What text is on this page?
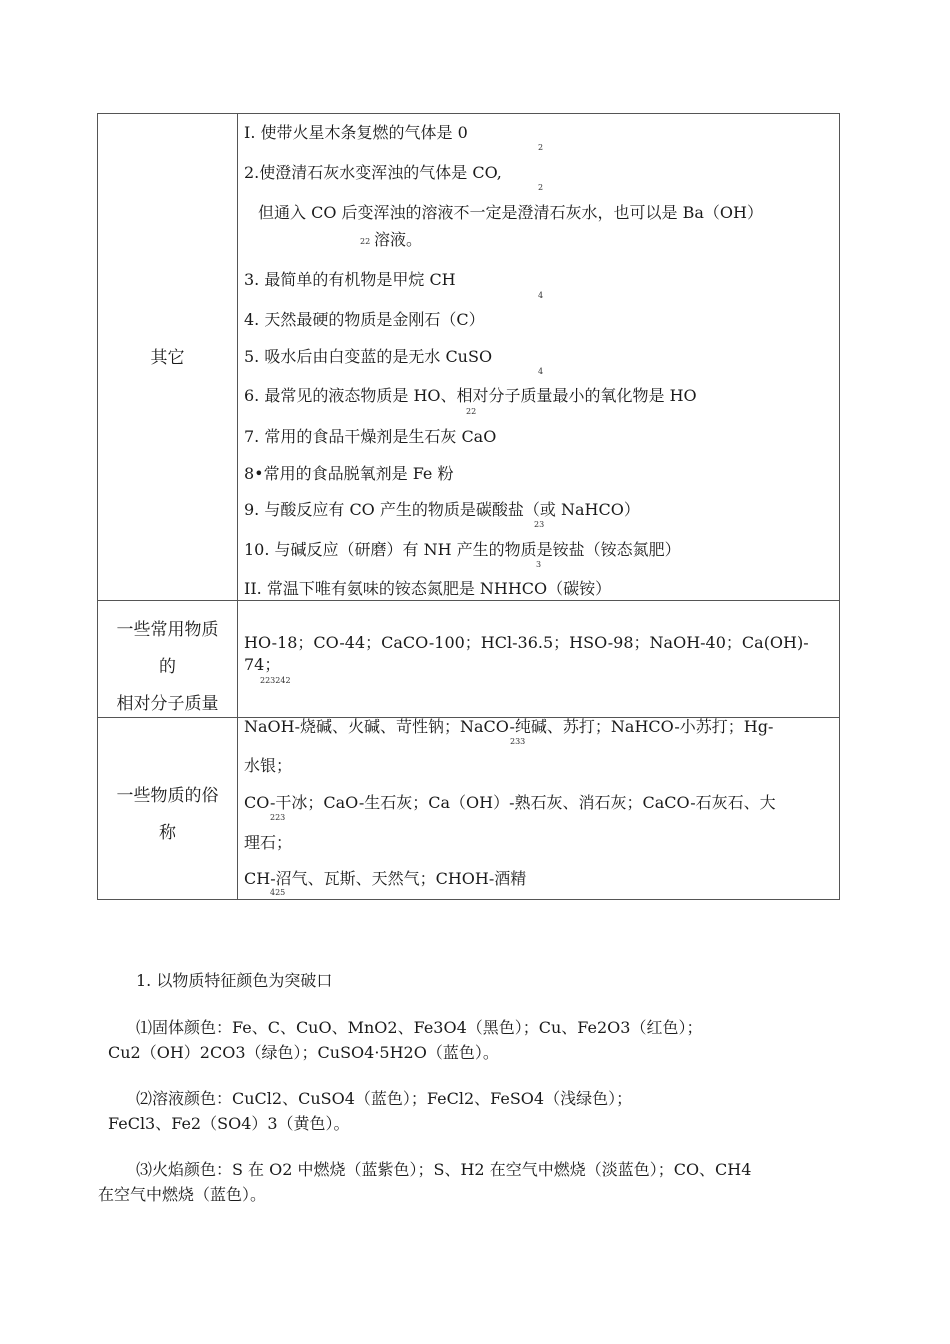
其它
I. 使带火星木条复燃的气体是 0
2
2.使澄清石灰水变浑浊的气体是 CO,
2
但通入 CO 后变浑浊的溶液不一定是澄清石灰水，也可以是 Ba（OH）
22 溶液。
3. 最简单的有机物是甲烷 CH
4
4. 天然最硬的物质是金刚石（C）
5. 吸水后由白变蓝的是无水 CuSO
4
6. 最常见的液态物质是 HO、相对分子质量最小的氧化物是 HO
22
7. 常用的食品干燥剂是生石灰 CaO
8•常用的食品脱氧剂是 Fe 粉
9. 与酸反应有 CO 产生的物质是碳酸盐（或 NaHCO）
23
10. 与碱反应（研磨）有 NH 产生的物质是铵盐（铵态氮肥）
3
II. 常温下唯有氨味的铵态氮肥是 NHHCO（碳铵）
一些常用物质
的
相对分子质量
HO-18；CO-44；CaCO-100；HCl-36.5；HSO-98；NaOH-40；Ca(OH)-
74；
223242
一些物质的俗
称
NaOH-烧碱、火碱、苛性钠；NaCO-纯碱、苏打；NaHCO-小苏打；Hg-
233
水银；
CO-干冰；CaO-生石灰；Ca（OH）-熟石灰、消石灰；CaCO-石灰石、大
223
理石；
CH-沼气、瓦斯、天然气；CHOH-酒精
425
1. 以物质特征颜色为突破口
⑴固体颜色：Fe、C、CuO、MnO2、Fe3O4（黑色）；Cu、Fe2O3（红色）；
Cu2（OH）2CO3（绿色）；CuSO4·5H2O（蓝色）。
⑵溶液颜色：CuCl2、CuSO4（蓝色）；FeCl2、FeSO4（浅绿色）；
FeCl3、Fe2（SO4）3（黄色）。
⑶火焰颜色：S 在 O2 中燃烧（蓝紫色）；S、H2 在空气中燃烧（淡蓝色）；CO、CH4
在空气中燃烧（蓝色）。
